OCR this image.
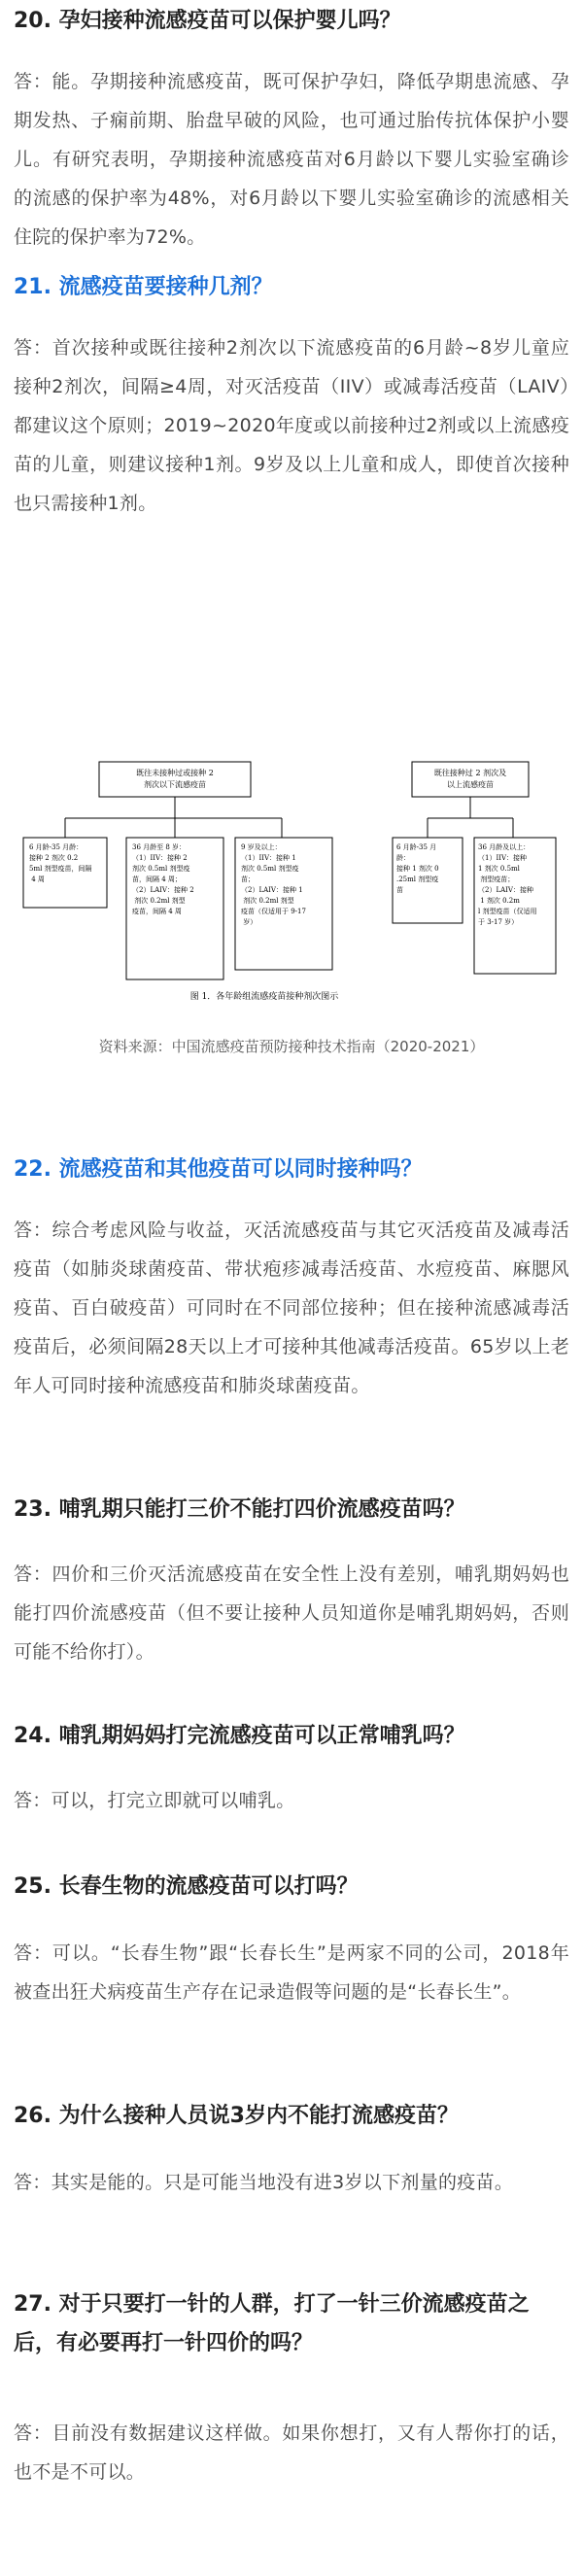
20. 孕妇接种流感疫苗可以保护婴儿吗？

答：能。孕期接种流感疫苗，既可保护孕妇，降低孕期患流感、孕期发热、子痫前期、胎盘早破的风险，也可通过胎传抗体保护小婴儿。有研究表明，孕期接种流感疫苗对6月龄以下婴儿实验室确诊的流感的保护率为48%，对6月龄以下婴儿实验室确诊的流感相关住院的保护率为72%。

21. 流感疫苗要接种几剂？

答：首次接种或既往接种2剂次以下流感疫苗的6月龄~8岁儿童应接种2剂次，间隔≥4周，对灭活疫苗（IIV）或减毒活疫苗（LAIV）都建议这个原则；2019~2020年度或以前接种过2剂或以上流感疫苗的儿童，则建议接种1剂。9岁及以上儿童和成人，即使首次接种也只需接种1剂。

既往未接种过或接种 2 剂次以下流感疫苗
既往接种过 2 剂次及以上流感疫苗
6 月龄-35 月龄：接种 2 剂次 0.2 5ml 剂型疫苗，间隔 4 周
36 月龄至 8 岁：（1）IIV：接种 2 剂次 0.5ml 剂型疫苗，间隔 4 周；（2）LAIV：接种 2 剂次 0.2ml 剂型疫苗，间隔 4 周
9 岁及以上：（1）IIV：接种 1 剂次 0.5ml 剂型疫苗；（2）LAIV：接种 1 剂次 0.2ml 剂型疫苗（仅适用于 9-17 岁）
6 月龄-35 月龄：接种 1 剂次 0 .25ml 剂型疫苗
36 月龄及以上：（1）IIV：接种 1 剂次 0.5ml 剂型疫苗；（2）LAIV：接种 1 剂次 0.2m l 剂型疫苗（仅适用于 3-17 岁）
图 1．各年龄组流感疫苗接种剂次图示
资料来源：中国流感疫苗预防接种技术指南（2020-2021）
22. 流感疫苗和其他疫苗可以同时接种吗？

答：综合考虑风险与收益，灭活流感疫苗与其它灭活疫苗及减毒活疫苗（如肺炎球菌疫苗、带状疱疹减毒活疫苗、水痘疫苗、麻腮风疫苗、百白破疫苗）可同时在不同部位接种；但在接种流感减毒活疫苗后，必须间隔28天以上才可接种其他减毒活疫苗。65岁以上老年人可同时接种流感疫苗和肺炎球菌疫苗。

23. 哺乳期只能打三价不能打四价流感疫苗吗？

答：四价和三价灭活流感疫苗在安全性上没有差别，哺乳期妈妈也能打四价流感疫苗（但不要让接种人员知道你是哺乳期妈妈，否则可能不给你打）。

24. 哺乳期妈妈打完流感疫苗可以正常哺乳吗？

答：可以，打完立即就可以哺乳。

25. 长春生物的流感疫苗可以打吗？

答：可以。“长春生物”跟“长春长生”是两家不同的公司，2018年被查出狂犬病疫苗生产存在记录造假等问题的是“长春长生”。

26. 为什么接种人员说3岁内不能打流感疫苗？

答：其实是能的。只是可能当地没有进3岁以下剂量的疫苗。

27. 对于只要打一针的人群，打了一针三价流感疫苗之后，有必要再打一针四价的吗？

答：目前没有数据建议这样做。如果你想打，又有人帮你打的话，也不是不可以。
